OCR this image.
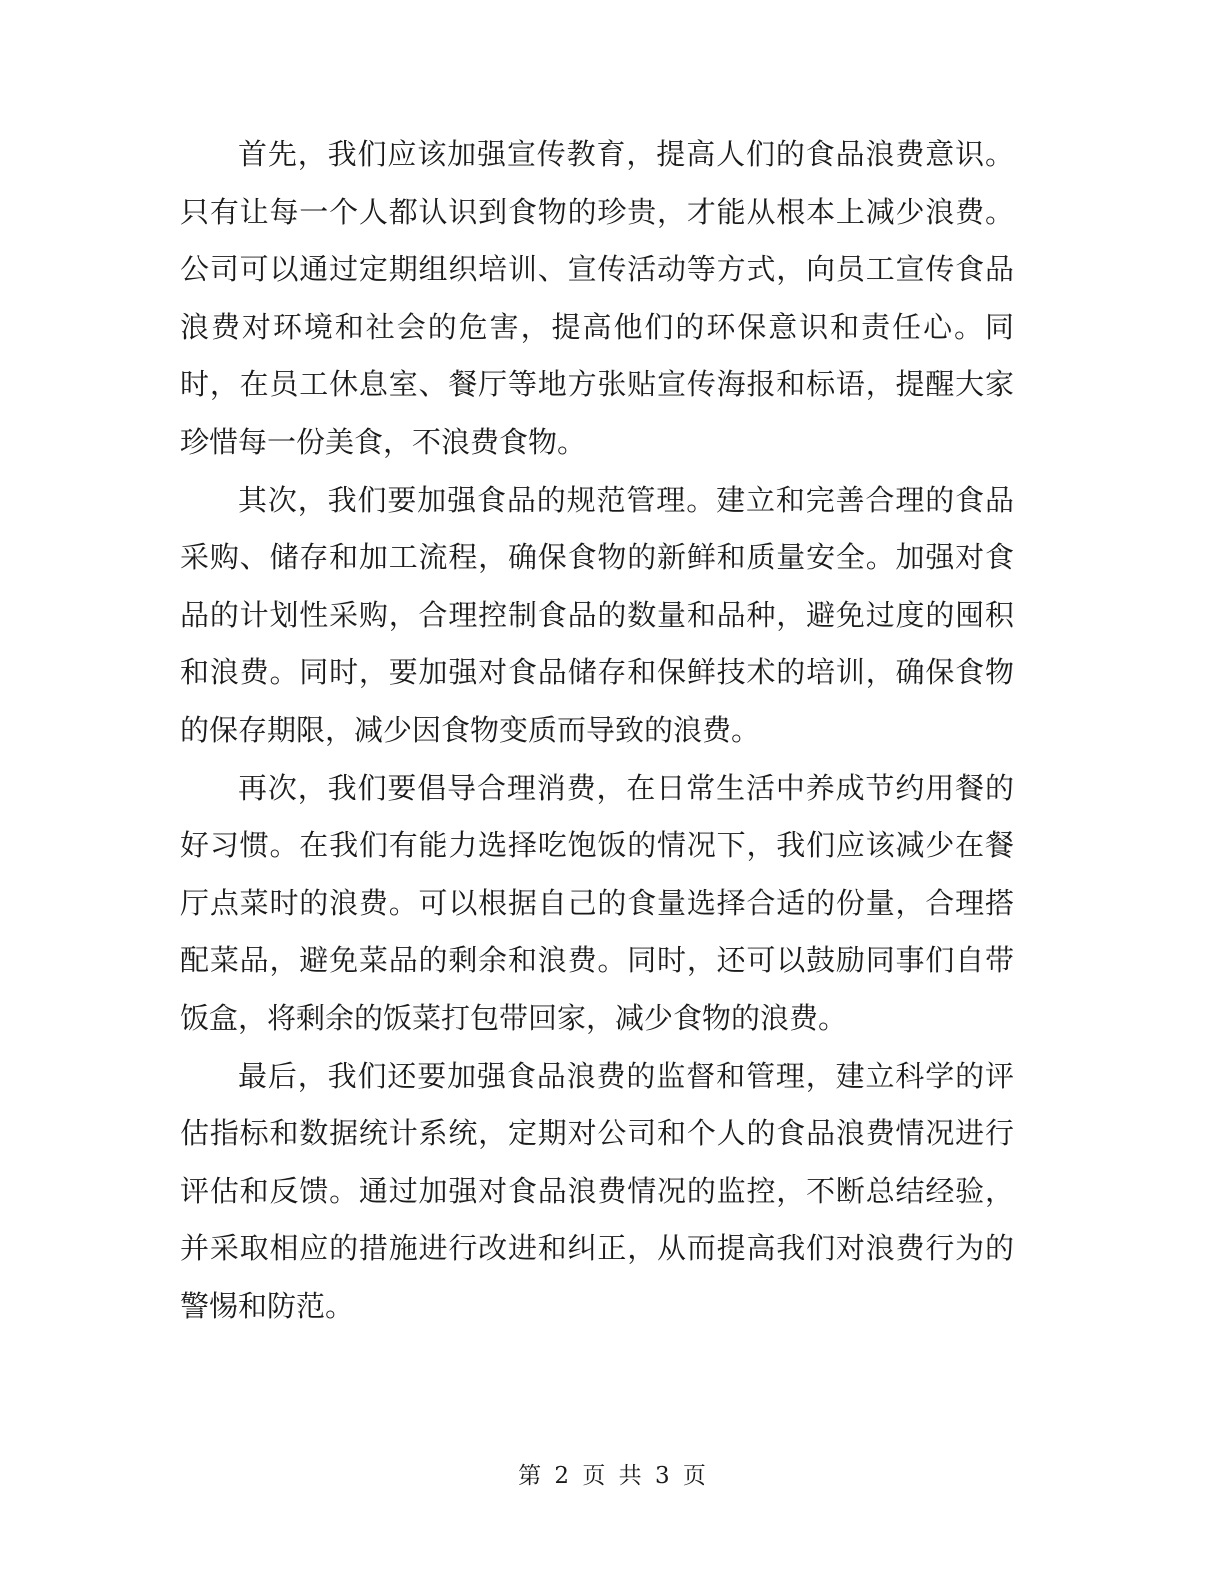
首先，我们应该加强宣传教育，提高人们的食品浪费意识。只有让每一个人都认识到食物的珍贵，才能从根本上减少浪费。公司可以通过定期组织培训、宣传活动等方式，向员工宣传食品浪费对环境和社会的危害，提高他们的环保意识和责任心。同时，在员工休息室、餐厅等地方张贴宣传海报和标语，提醒大家珍惜每一份美食，不浪费食物。

其次，我们要加强食品的规范管理。建立和完善合理的食品采购、储存和加工流程，确保食物的新鲜和质量安全。加强对食品的计划性采购，合理控制食品的数量和品种，避免过度的囤积和浪费。同时，要加强对食品储存和保鲜技术的培训，确保食物的保存期限，减少因食物变质而导致的浪费。

再次，我们要倡导合理消费，在日常生活中养成节约用餐的好习惯。在我们有能力选择吃饱饭的情况下，我们应该减少在餐厅点菜时的浪费。可以根据自己的食量选择合适的份量，合理搭配菜品，避免菜品的剩余和浪费。同时，还可以鼓励同事们自带饭盒，将剩余的饭菜打包带回家，减少食物的浪费。

最后，我们还要加强食品浪费的监督和管理，建立科学的评估指标和数据统计系统，定期对公司和个人的食品浪费情况进行评估和反馈。通过加强对食品浪费情况的监控，不断总结经验，并采取相应的措施进行改进和纠正，从而提高我们对浪费行为的警惕和防范。

第 2 页 共 3 页
